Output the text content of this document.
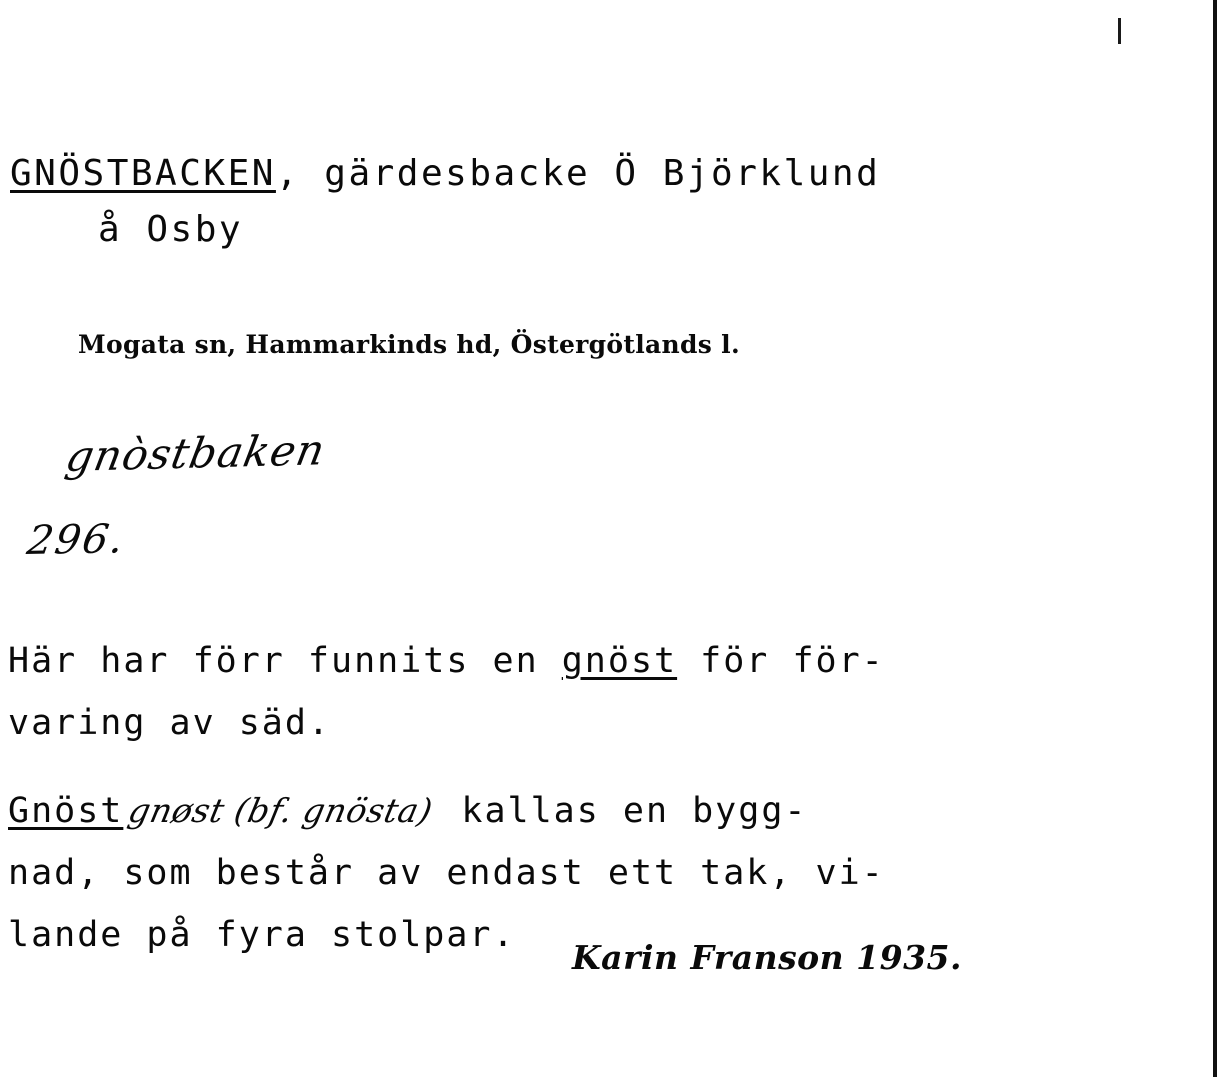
GNÖSTBACKEN, gärdesbacke Ö Björklund
å Osby
Mogata sn, Hammarkinds hd, Östergötlands l.
gnòstbaken
296.
Här har förr funnits en gnöst för för-
varing av säd.
Gnöstgnøst (bf. gnösta) kallas en bygg-
nad, som består av endast ett tak, vi-
lande på fyra stolpar.
Karin Franson 1935.
